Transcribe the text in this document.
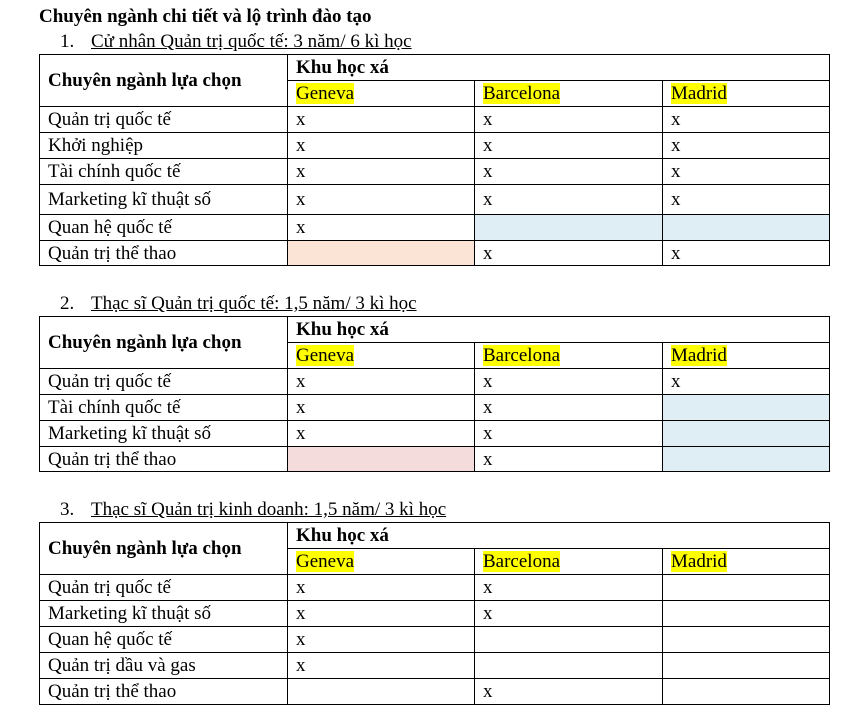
Chuyên ngành chi tiết và lộ trình đào tạo
1. Cử nhân Quản trị quốc tế: 3 năm/ 6 kì học
Chuyên ngành lựa chọn	Khu học xá		
	Geneva	Barcelona	Madrid
Quản trị quốc tế	x	x	x
Khởi nghiệp	x	x	x
Tài chính quốc tế	x	x	x
Marketing kĩ thuật số	x	x	x
Quan hệ quốc tế	x		
Quản trị thể thao		x	x
2. Thạc sĩ Quản trị quốc tế: 1,5 năm/ 3 kì học
Chuyên ngành lựa chọn	Khu học xá		
	Geneva	Barcelona	Madrid
Quản trị quốc tế	x	x	x
Tài chính quốc tế	x	x	
Marketing kĩ thuật số	x	x	
Quản trị thể thao		x	
3. Thạc sĩ Quản trị kinh doanh: 1,5 năm/ 3 kì học
Chuyên ngành lựa chọn	Khu học xá		
	Geneva	Barcelona	Madrid
Quản trị quốc tế	x	x	
Marketing kĩ thuật số	x	x	
Quan hệ quốc tế	x		
Quản trị dầu và gas	x		
Quản trị thể thao		x	
